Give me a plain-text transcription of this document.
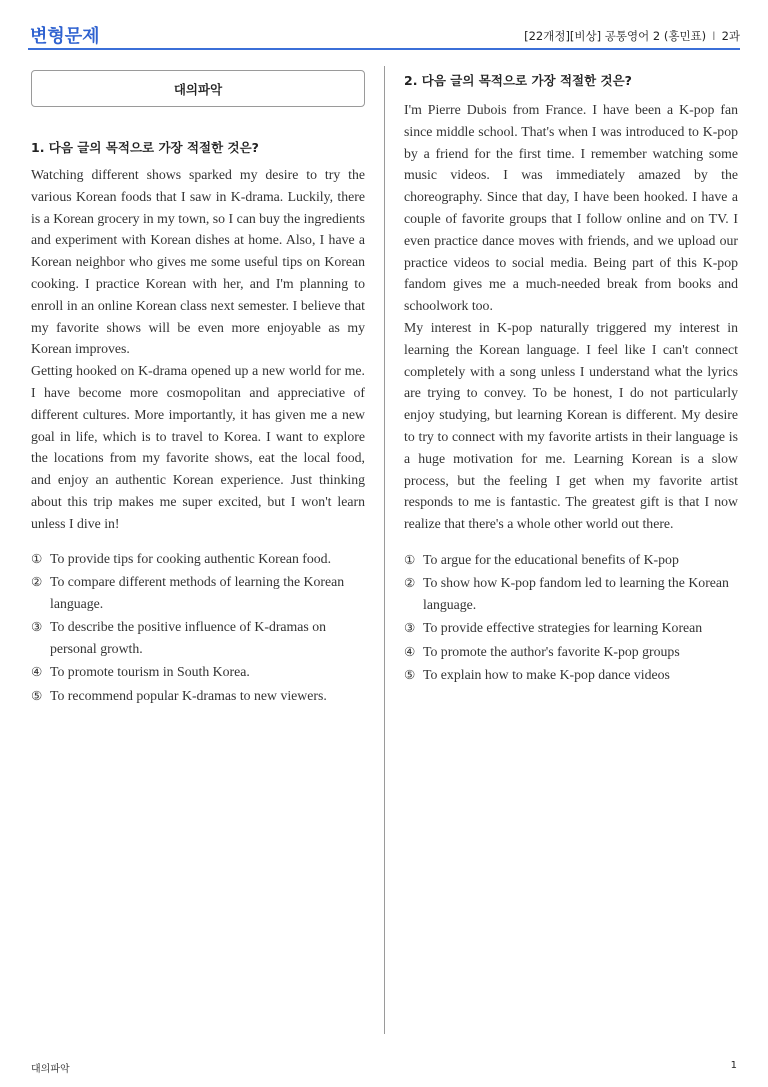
변형문제	[22개정][비상] 공통영어 2 (홍민표) I 2과
대의파악
1. 다음 글의 목적으로 가장 적절한 것은?

Watching different shows sparked my desire to try the various Korean foods that I saw in K-drama. Luckily, there is a Korean grocery in my town, so I can buy the ingredients and experiment with Korean dishes at home. Also, I have a Korean neighbor who gives me some useful tips on Korean cooking. I practice Korean with her, and I'm planning to enroll in an online Korean class next semester. I believe that my favorite shows will be even more enjoyable as my Korean improves.

Getting hooked on K-drama opened up a new world for me. I have become more cosmopolitan and appreciative of different cultures. More importantly, it has given me a new goal in life, which is to travel to Korea. I want to explore the locations from my favorite shows, eat the local food, and enjoy an authentic Korean experience. Just thinking about this trip makes me super excited, but I won't learn unless I dive in!

① To provide tips for cooking authentic Korean food.
② To compare different methods of learning the Korean language.
③ To describe the positive influence of K-dramas on personal growth.
④ To promote tourism in South Korea.
⑤ To recommend popular K-dramas to new viewers.
2. 다음 글의 목적으로 가장 적절한 것은?

I'm Pierre Dubois from France. I have been a K-pop fan since middle school. That's when I was introduced to K-pop by a friend for the first time. I remember watching some music videos. I was immediately amazed by the choreography. Since that day, I have been hooked. I have a couple of favorite groups that I follow online and on TV. I even practice dance moves with friends, and we upload our practice videos to social media. Being part of this K-pop fandom gives me a much-needed break from books and schoolwork too.

My interest in K-pop naturally triggered my interest in learning the Korean language. I feel like I can't connect completely with a song unless I understand what the lyrics are trying to convey. To be honest, I do not particularly enjoy studying, but learning Korean is different. My desire to try to connect with my favorite artists in their language is a huge motivation for me. Learning Korean is a slow process, but the feeling I get when my favorite artist responds to me is fantastic. The greatest gift is that I now realize that there's a whole other world out there.

① To argue for the educational benefits of K-pop
② To show how K-pop fandom led to learning the Korean language.
③ To provide effective strategies for learning Korean
④ To promote the author's favorite K-pop groups
⑤ To explain how to make K-pop dance videos
대의파악	1
